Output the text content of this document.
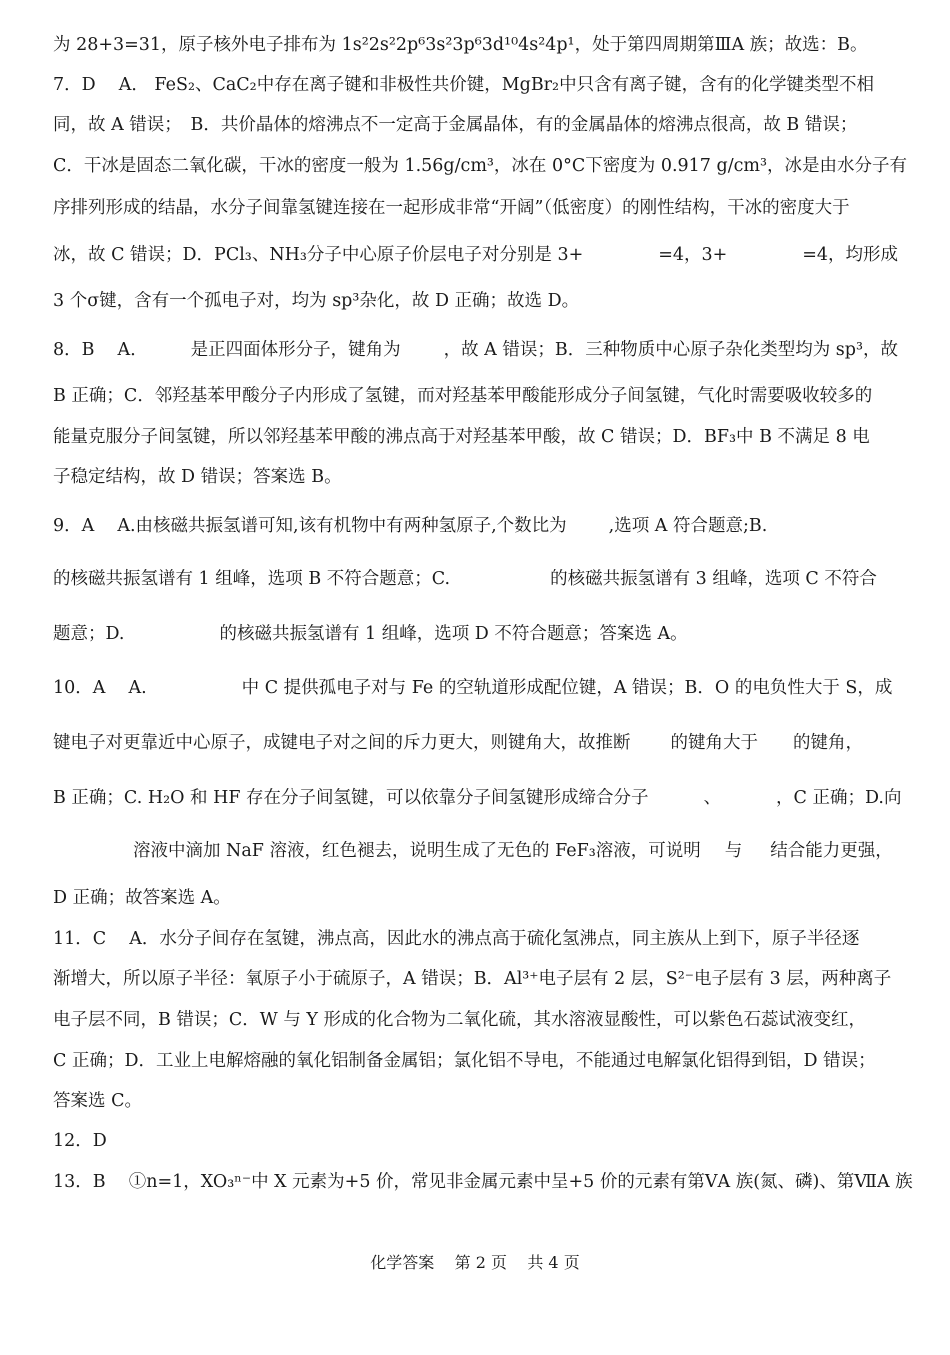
为 28+3=31，原子核外电子排布为 1s²2s²2p⁶3s²3p⁶3d¹⁰4s²4p¹，处于第四周期第ⅢA 族；故选：B。
7．D　 A． FeS₂、CaC₂中存在离子键和非极性共价键，MgBr₂中只含有离子键，含有的化学键类型不相
同，故 A 错误；　B．共价晶体的熔沸点不一定高于金属晶体，有的金属晶体的熔沸点很高，故 B 错误；
C．干冰是固态二氧化碳，干冰的密度一般为 1.56g/cm³，冰在 0°C下密度为 0.917 g/cm³，冰是由水分子有
序排列形成的结晶，水分子间靠氢键连接在一起形成非常“开阔”（低密度）的刚性结构，干冰的密度大于
冰，故 C 错误；D．PCl₃、NH₃分子中心原子价层电子对分别是 3+	=4，3+	=4，均形成
3 个σ键，含有一个孤电子对，均为 sp³杂化，故 D 正确；故选 D。
8．B　 A． 是正四面体形分子，键角为 ，故 A 错误；B．三种物质中心原子杂化类型均为 sp³，故
B 正确；C．邻羟基苯甲酸分子内形成了氢键，而对羟基苯甲酸能形成分子间氢键，气化时需要吸收较多的
能量克服分子间氢键，所以邻羟基苯甲酸的沸点高于对羟基苯甲酸，故 C 错误；D．BF₃中 B 不满足 8 电
子稳定结构，故 D 错误；答案选 B。
9．A　 A.由核磁共振氢谱可知,该有机物中有两种氢原子,个数比为 ,选项 A 符合题意;B.
的核磁共振氢谱有 1 组峰，选项 B 不符合题意；C.	的核磁共振氢谱有 3 组峰，选项 C 不符合
题意；D.	的核磁共振氢谱有 1 组峰，选项 D 不符合题意；答案选 A。
10．A　 A.	中 C 提供孤电子对与 Fe 的空轨道形成配位键，A 错误；B．O 的电负性大于 S，成
键电子对更靠近中心原子，成键电子对之间的斥力更大，则键角大，故推断 的键角大于 的键角，
B 正确；C. H₂O 和 HF 存在分子间氢键，可以依靠分子间氢键形成缔合分子	、	，C 正确；D.向
溶液中滴加 NaF 溶液，红色褪去，说明生成了无色的 FeF₃溶液，可说明 与 结合能力更强，
D 正确；故答案选 A。
11．C　 A．水分子间存在氢键，沸点高，因此水的沸点高于硫化氢沸点，同主族从上到下，原子半径逐
渐增大，所以原子半径：氧原子小于硫原子，A 错误；B．Al³⁺电子层有 2 层，S²⁻电子层有 3 层，两种离子
电子层不同，B 错误；C．W 与 Y 形成的化合物为二氧化硫，其水溶液显酸性，可以紫色石蕊试液变红，
C 正确；D．工业上电解熔融的氧化铝制备金属铝；氯化铝不导电，不能通过电解氯化铝得到铝，D 错误；
答案选 C。
12．D
13．B　 ①n=1，XO₃ⁿ⁻中 X 元素为+5 价，常见非金属元素中呈+5 价的元素有第ⅤA 族(氮、磷)、第ⅦA 族
化学答案 第 2 页 共 4 页
